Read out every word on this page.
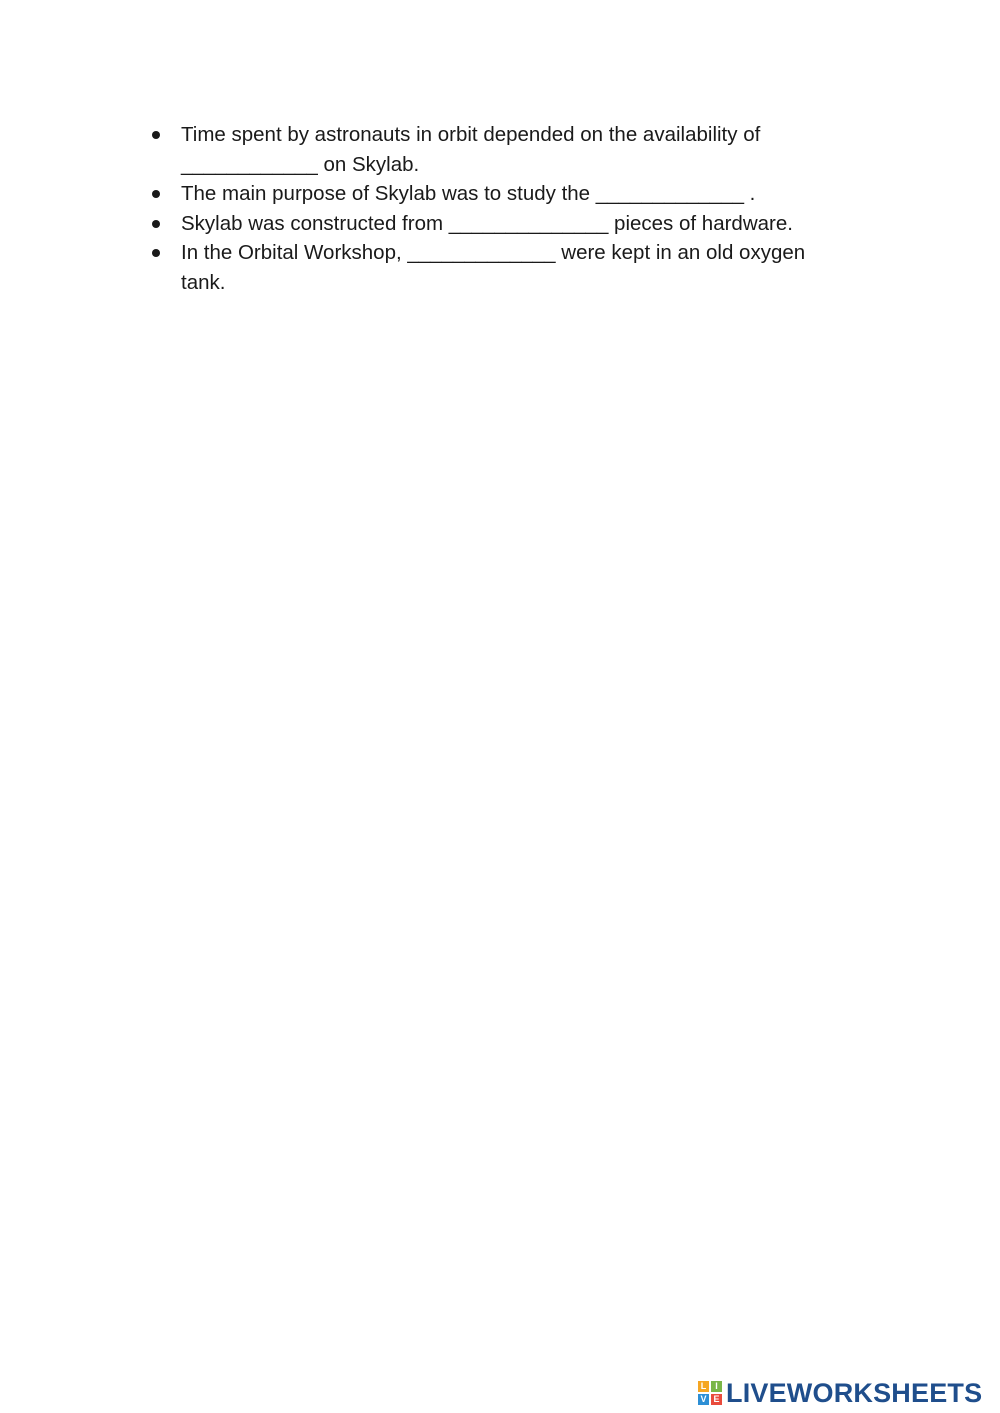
Time spent by astronauts in orbit depended on the availability of ____________ on Skylab.
The main purpose of Skylab was to study the _____________ .
Skylab was constructed from ______________ pieces of hardware.
In the Orbital Workshop, _____________ were kept in an old oxygen tank.
L I
V E LIVEWORKSHEETS
